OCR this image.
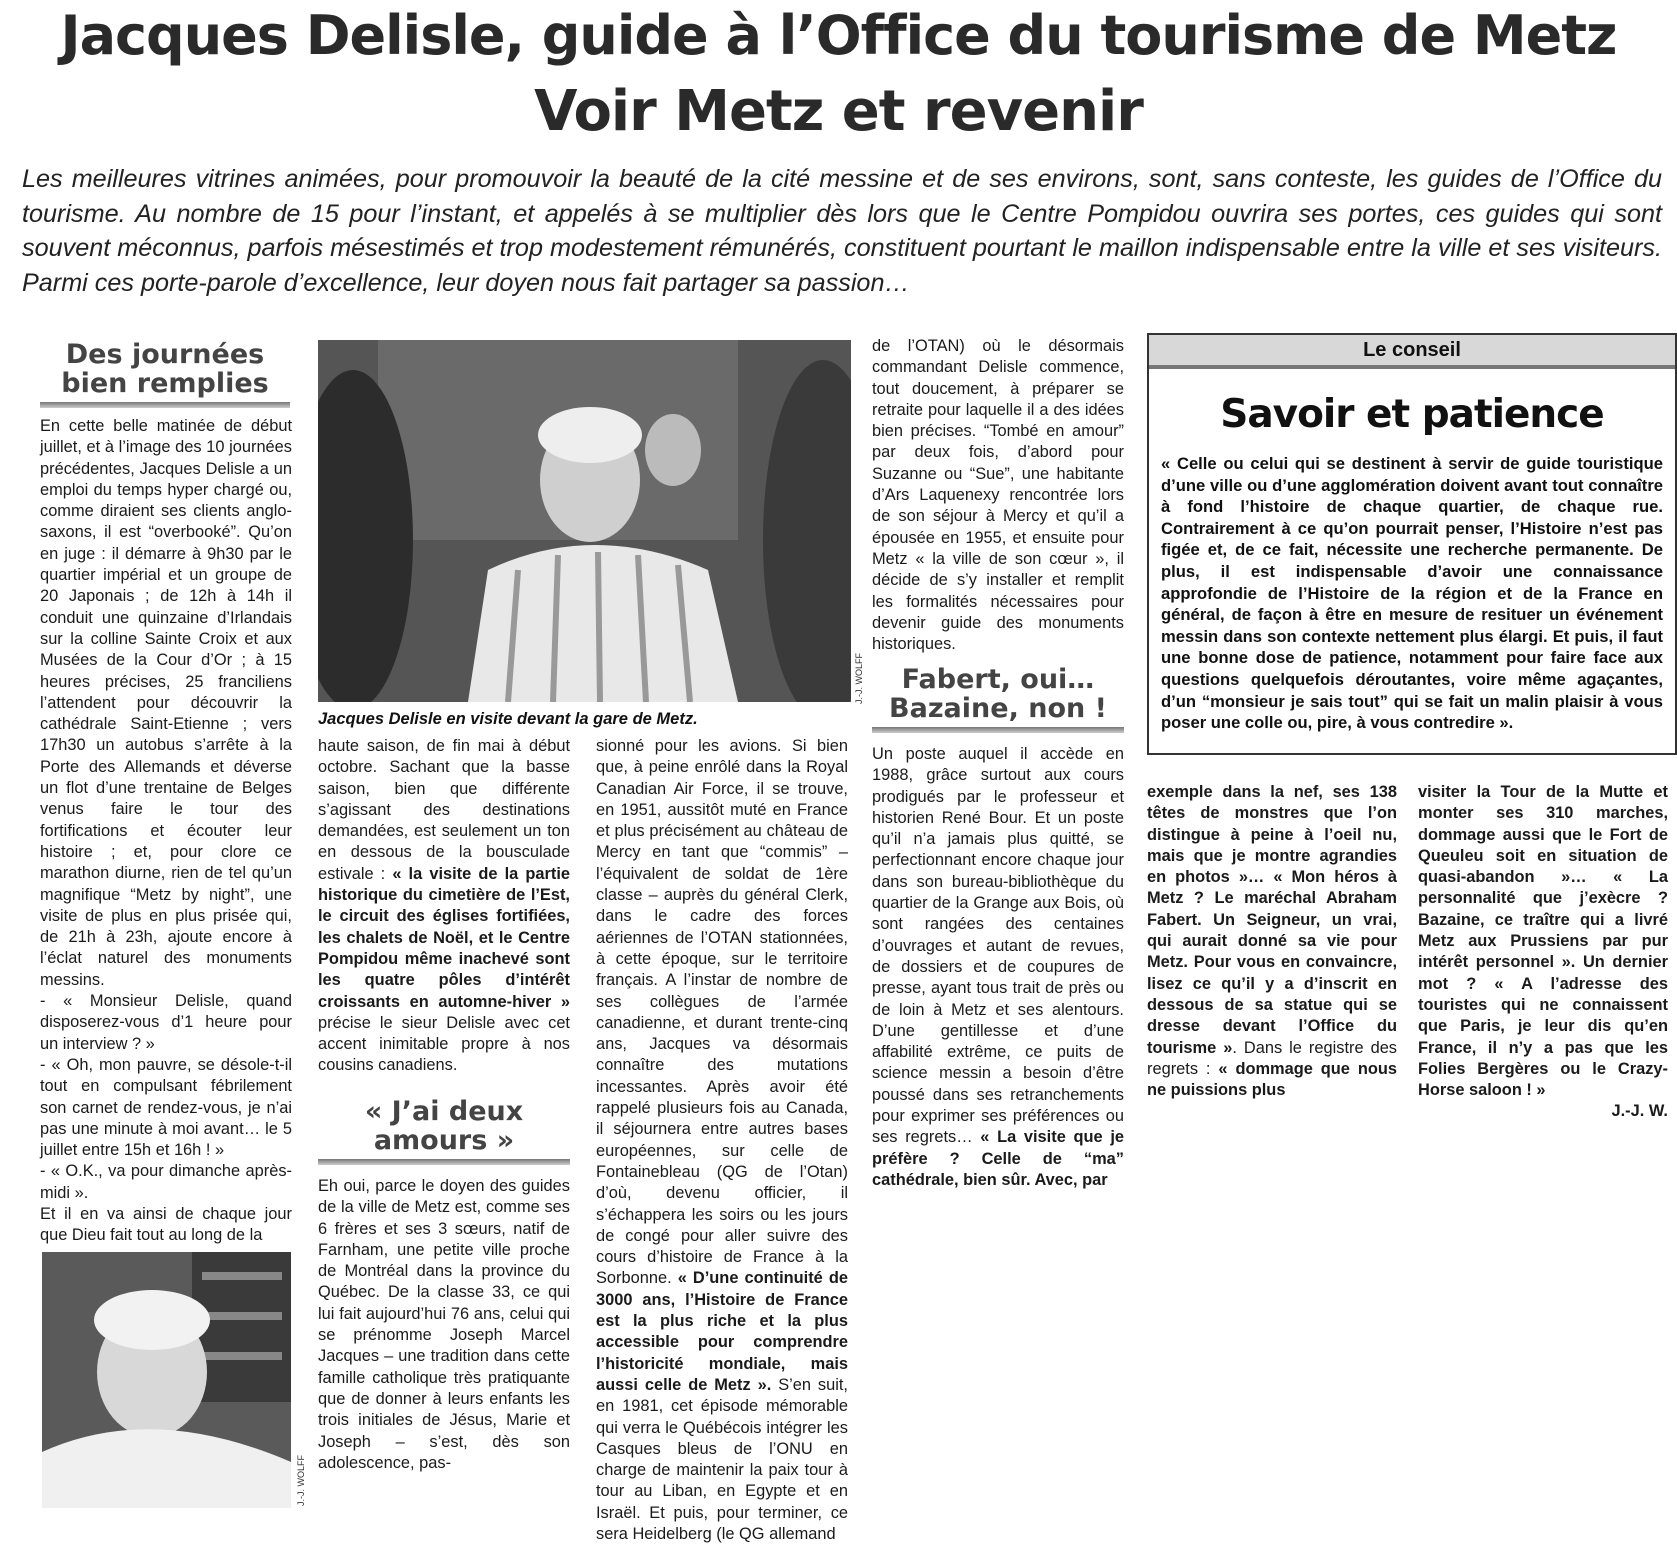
Jacques Delisle, guide à l’Office du tourisme de Metz
Voir Metz et revenir
Les meilleures vitrines animées, pour promouvoir la beauté de la cité messine et de ses environs, sont, sans conteste, les guides de l’Office du tourisme. Au nombre de 15 pour l’instant, et appelés à se multiplier dès lors que le Centre Pompidou ouvrira ses portes, ces guides qui sont souvent méconnus, parfois mésestimés et trop modestement rémunérés, constituent pourtant le maillon indispensable entre la ville et ses visiteurs. Parmi ces porte-parole d’excellence, leur doyen nous fait partager sa passion…
Des journées
bien remplies

En cette belle matinée de début juillet, et à l’image des 10 journées précédentes, Jacques Delisle a un emploi du temps hyper chargé ou, comme diraient ses clients anglo-saxons, il est “overbooké”. Qu’on en juge : il démarre à 9h30 par le quartier impérial et un groupe de 20 Japonais ; de 12h à 14h il conduit une quinzaine d’Irlandais sur la colline Sainte Croix et aux Musées de la Cour d’Or ; à 15 heures précises, 25 franciliens l’attendent pour découvrir la cathédrale Saint-Etienne ; vers 17h30 un autobus s’arrête à la Porte des Allemands et déverse un flot d’une trentaine de Belges venus faire le tour des fortifications et écouter leur histoire ; et, pour clore ce marathon diurne, rien de tel qu’un magnifique “Metz by night”, une visite de plus en plus prisée qui, de 21h à 23h, ajoute encore à l’éclat naturel des monuments messins.

- « Monsieur Delisle, quand disposerez-vous d’1 heure pour un interview ? »

- « Oh, mon pauvre, se désole-t-il tout en compulsant fébrilement son carnet de rendez-vous, je n’ai pas une minute à moi avant… le 5 juillet entre 15h et 16h ! »

- « O.K., va pour dimanche après-midi ».

Et il en va ainsi de chaque jour que Dieu fait tout au long de la

J.-J. WOLFF
J.-J. WOLFF
Jacques Delisle en visite devant la gare de Metz.

haute saison, de fin mai à début octobre. Sachant que la basse saison, bien que différente s’agissant des destinations demandées, est seulement un ton en dessous de la bousculade estivale : « la visite de la partie historique du cimetière de l’Est, le circuit des églises fortifiées, les chalets de Noël, et le Centre Pompidou même inachevé sont les quatre pôles d’intérêt croissants en automne-hiver » précise le sieur Delisle avec cet accent inimitable propre à nos cousins canadiens.

« J’ai deux
amours »

Eh oui, parce le doyen des guides de la ville de Metz est, comme ses 6 frères et ses 3 sœurs, natif de Farnham, une petite ville proche de Montréal dans la province du Québec. De la classe 33, ce qui lui fait aujourd’hui 76 ans, celui qui se prénomme Joseph Marcel Jacques – une tradition dans cette famille catholique très pratiquante que de donner à leurs enfants les trois initiales de Jésus, Marie et Joseph – s’est, dès son adolescence, pas-

sionné pour les avions. Si bien que, à peine enrôlé dans la Royal Canadian Air Force, il se trouve, en 1951, aussitôt muté en France et plus précisément au château de Mercy en tant que “commis” – l’équivalent de soldat de 1ère classe – auprès du général Clerk, dans le cadre des forces aériennes de l’OTAN stationnées, à cette époque, sur le territoire français. A l’instar de nombre de ses collègues de l’armée canadienne, et durant trente-cinq ans, Jacques va désormais connaître des mutations incessantes. Après avoir été rappelé plusieurs fois au Canada, il séjournera entre autres bases européennes, sur celle de Fontainebleau (QG de l’Otan) d’où, devenu officier, il s’échappera les soirs ou les jours de congé pour aller suivre des cours d’histoire de France à la Sorbonne. « D’une continuité de 3000 ans, l’Histoire de France est la plus riche et la plus accessible pour comprendre l’historicité mondiale, mais aussi celle de Metz ». S’en suit, en 1981, cet épisode mémorable qui verra le Québécois intégrer les Casques bleus de l’ONU en charge de maintenir la paix tour à tour au Liban, en Egypte et en Israël. Et puis, pour terminer, ce sera Heidelberg (le QG allemand

de l’OTAN) où le désormais commandant Delisle commence, tout doucement, à préparer se retraite pour laquelle il a des idées bien précises. “Tombé en amour” par deux fois, d’abord pour Suzanne ou “Sue”, une habitante d’Ars Laquenexy rencontrée lors de son séjour à Mercy et qu’il a épousée en 1955, et ensuite pour Metz « la ville de son cœur », il décide de s’y installer et remplit les formalités nécessaires pour devenir guide des monuments historiques.

Fabert, oui…
Bazaine, non !

Un poste auquel il accède en 1988, grâce surtout aux cours prodigués par le professeur et historien René Bour. Et un poste qu’il n’a jamais plus quitté, se perfectionnant encore chaque jour dans son bureau-bibliothèque du quartier de la Grange aux Bois, où sont rangées des centaines d’ouvrages et autant de revues, de dossiers et de coupures de presse, ayant tous trait de près ou de loin à Metz et ses alentours. D’une gentillesse et d’une affabilité extrême, ce puits de science messin a besoin d’être poussé dans ses retranchements pour exprimer ses préférences ou ses regrets… « La visite que je préfère ? Celle de “ma” cathédrale, bien sûr. Avec, par

Le conseil
Savoir et patience
« Celle ou celui qui se destinent à servir de guide touristique d’une ville ou d’une agglomération doivent avant tout connaître à fond l’histoire de chaque quartier, de chaque rue. Contrairement à ce qu’on pourrait penser, l’Histoire n’est pas figée et, de ce fait, nécessite une recherche permanente. De plus, il est indispensable d’avoir une connaissance approfondie de l’Histoire de la région et de la France en général, de façon à être en mesure de resituer un événement messin dans son contexte nettement plus élargi. Et puis, il faut une bonne dose de patience, notamment pour faire face aux questions quelquefois déroutantes, voire même agaçantes, d’un “monsieur je sais tout” qui se fait un malin plaisir à vous poser une colle ou, pire, à vous contredire ».

exemple dans la nef, ses 138 têtes de monstres que l’on distingue à peine à l’oeil nu, mais que je montre agrandies en photos »… « Mon héros à Metz ? Le maréchal Abraham Fabert. Un Seigneur, un vrai, qui aurait donné sa vie pour Metz. Pour vous en convaincre, lisez ce qu’il y a d’inscrit en dessous de sa statue qui se dresse devant l’Office du tourisme ». Dans le registre des regrets : « dommage que nous ne puissions plus

visiter la Tour de la Mutte et monter ses 310 marches, dommage aussi que le Fort de Queuleu soit en situation de quasi-abandon »… « La personnalité que j’exècre ? Bazaine, ce traître qui a livré Metz aux Prussiens par pur intérêt personnel ». Un dernier mot ? « A l’adresse des touristes qui ne connaissent que Paris, je leur dis qu’en France, il n’y a pas que les Folies Bergères ou le Crazy-Horse saloon ! »

J.-J. W.
